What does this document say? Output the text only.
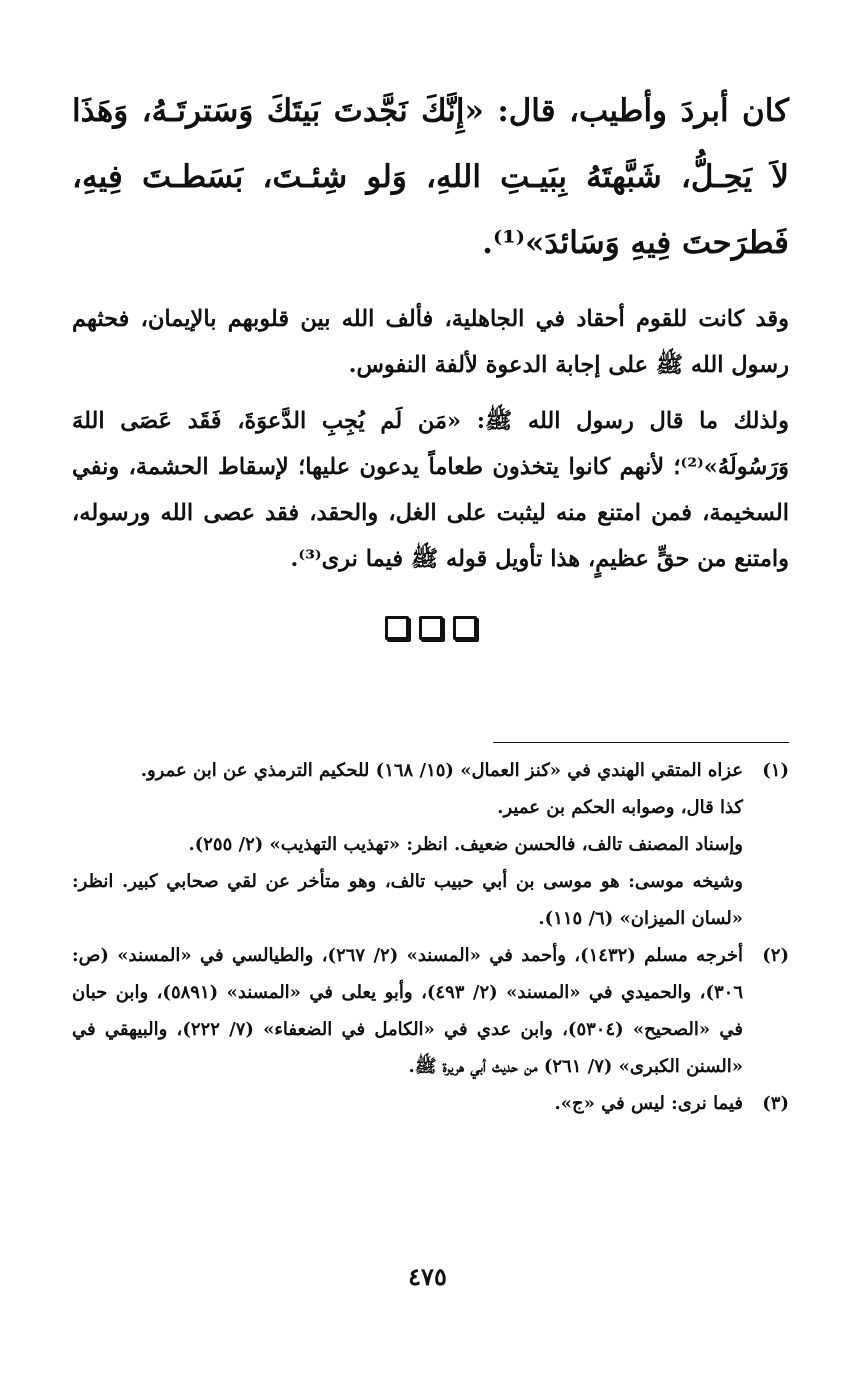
كان أبردَ وأطيب، قال: «إِنَّكَ نَجَّدتَ بَيتَكَ وَسَترتَـهُ، وَهَذَا لاَ يَحِـلُّ، شَبَّهتَهُ بِبَيـتِ اللهِ، وَلو شِئـتَ، بَسَطـتَ فِيهِ، فَطرَحتَ فِيهِ وَسَائدَ»⁽¹⁾.

وقد كانت للقوم أحقاد في الجاهلية، فألف الله بين قلوبهم بالإيمان، فحثهم رسول الله ﷺ على إجابة الدعوة لألفة النفوس.

ولذلك ما قال رسول الله ﷺ: «مَن لَم يُجِبِ الدَّعوَةَ، فَقَد عَصَى اللهَ وَرَسُولَهُ»⁽²⁾؛ لأنهم كانوا يتخذون طعاماً يدعون عليها؛ لإسقاط الحشمة، ونفي السخيمة، فمن امتنع منه ليثبت على الغل، والحقد، فقد عصى الله ورسوله، وامتنع من حقٍّ عظيمٍ، هذا تأويل قوله ﷺ فيما نرى⁽³⁾.

(١)

عزاه المتقي الهندي في «كنز العمال» (١٥/ ١٦٨) للحكيم الترمذي عن ابن عمرو.

كذا قال، وصوابه الحكم بن عمير.

وإسناد المصنف تالف، فالحسن ضعيف. انظر: «تهذيب التهذيب» (٢/ ٢٥٥).

وشيخه موسى: هو موسى بن أبي حبيب تالف، وهو متأخر عن لقي صحابي كبير. انظر: «لسان الميزان» (٦/ ١١٥).

(٢)

أخرجه مسلم (١٤٣٢)، وأحمد في «المسند» (٢/ ٢٦٧)، والطيالسي في «المسند» (ص: ٣٠٦)، والحميدي في «المسند» (٢/ ٤٩٣)، وأبو يعلى في «المسند» (٥٨٩١)، وابن حبان في «الصحيح» (٥٣٠٤)، وابن عدي في «الكامل في الضعفاء» (٧/ ٢٢٢)، والبيهقي في «السنن الكبرى» (٧/ ٢٦١) من حديث أبي هريرة ﷺ.

(٣)

فيما نرى: ليس في «ج».

٤٧٥
